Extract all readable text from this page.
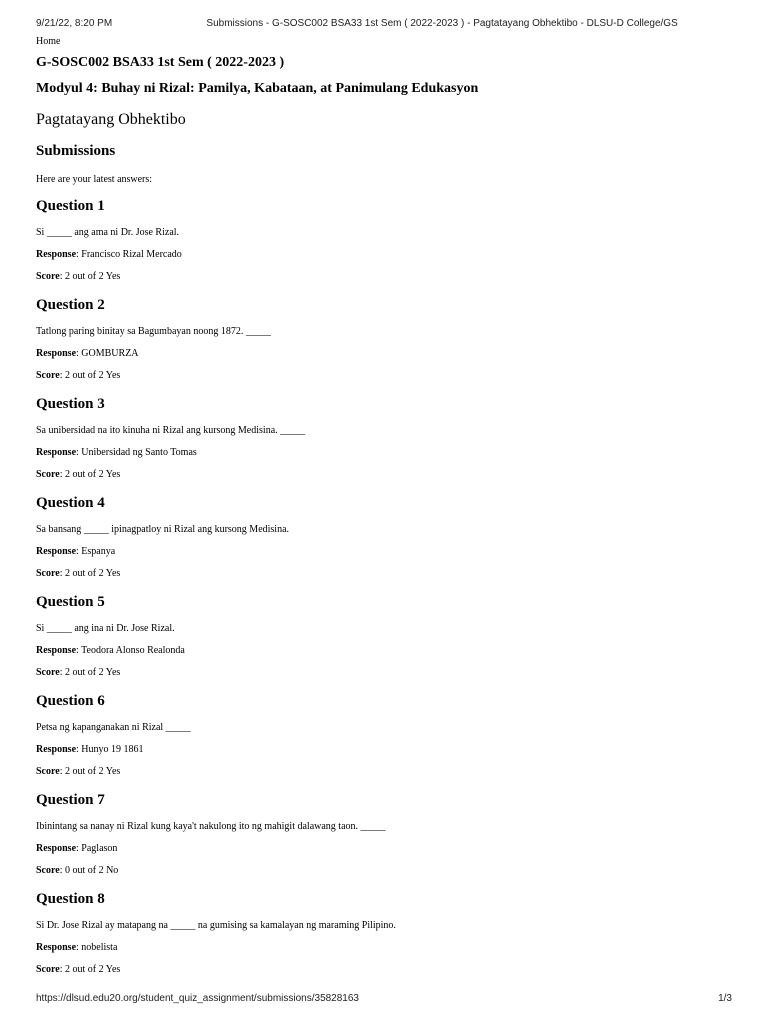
9/21/22, 8:20 PM	Submissions - G-SOSC002 BSA33 1st Sem ( 2022-2023 ) - Pagtatayang Obhektibo - DLSU-D College/GS
Home
G-SOSC002 BSA33 1st Sem ( 2022-2023 )
Modyul 4: Buhay ni Rizal: Pamilya, Kabataan, at Panimulang Edukasyon
Pagtatayang Obhektibo
Submissions
Here are your latest answers:
Question 1
Si _____ ang ama ni Dr. Jose Rizal.
Response: Francisco Rizal Mercado
Score: 2 out of 2 Yes
Question 2
Tatlong paring binitay sa Bagumbayan noong 1872. _____
Response: GOMBURZA
Score: 2 out of 2 Yes
Question 3
Sa unibersidad na ito kinuha ni Rizal ang kursong Medisina. _____
Response: Unibersidad ng Santo Tomas
Score: 2 out of 2 Yes
Question 4
Sa bansang _____ ipinagpatloy ni Rizal ang kursong Medisina.
Response: Espanya
Score: 2 out of 2 Yes
Question 5
Si _____ ang ina ni Dr. Jose Rizal.
Response: Teodora Alonso Realonda
Score: 2 out of 2 Yes
Question 6
Petsa ng kapanganakan ni Rizal _____
Response: Hunyo 19 1861
Score: 2 out of 2 Yes
Question 7
Ibinintang sa nanay ni Rizal kung kaya't nakulong ito ng mahigit dalawang taon. _____
Response: Paglason
Score: 0 out of 2 No
Question 8
Si Dr. Jose Rizal ay matapang na _____ na gumising sa kamalayan ng maraming Pilipino.
Response: nobelista
Score: 2 out of 2 Yes
https://dlsud.edu20.org/student_quiz_assignment/submissions/35828163	1/3
